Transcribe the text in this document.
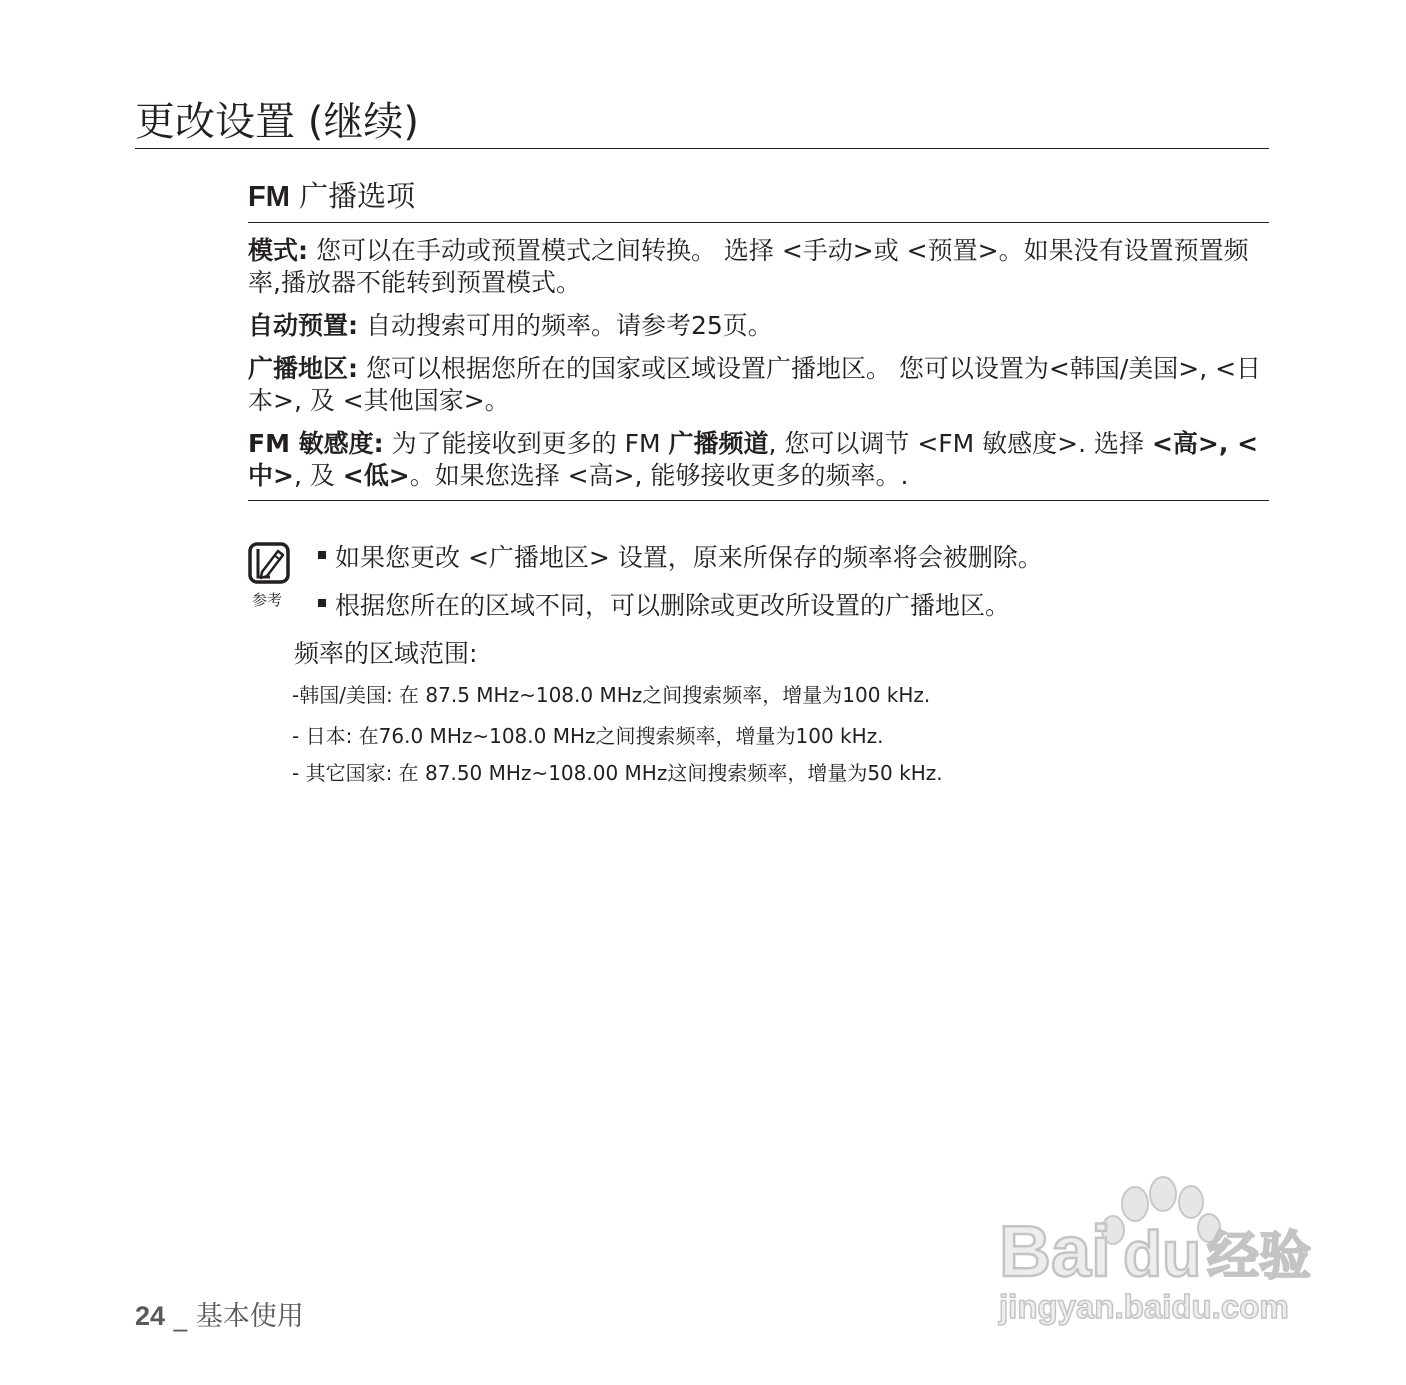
更改设置 (继续)
FM 广播选项
模式: 您可以在手动或预置模式之间转换。 选择 <手动>或 <预置>。如果没有设置预置频率,播放器不能转到预置模式。
自动预置: 自动搜索可用的频率。请参考25页。
广播地区: 您可以根据您所在的国家或区域设置广播地区。 您可以设置为<韩国/美国>, <日本>, 及 <其他国家>。
FM 敏感度: 为了能接收到更多的 FM 广播频道, 您可以调节 <FM 敏感度>. 选择 <高>, <中>, 及 <低>。如果您选择 <高>, 能够接收更多的频率。.
参考
如果您更改 <广播地区> 设置，原来所保存的频率将会被删除。
根据您所在的区域不同，可以删除或更改所设置的广播地区。
频率的区域范围:
-韩国/美国: 在 87.5 MHz~108.0 MHz之间搜索频率，增量为100 kHz.
- 日本: 在76.0 MHz~108.0 MHz之间搜索频率，增量为100 kHz.
- 其它国家: 在 87.50 MHz~108.00 MHz这间搜索频率，增量为50 kHz.
24 _ 基本使用
Bai du 经验
jingyan.baidu.com
